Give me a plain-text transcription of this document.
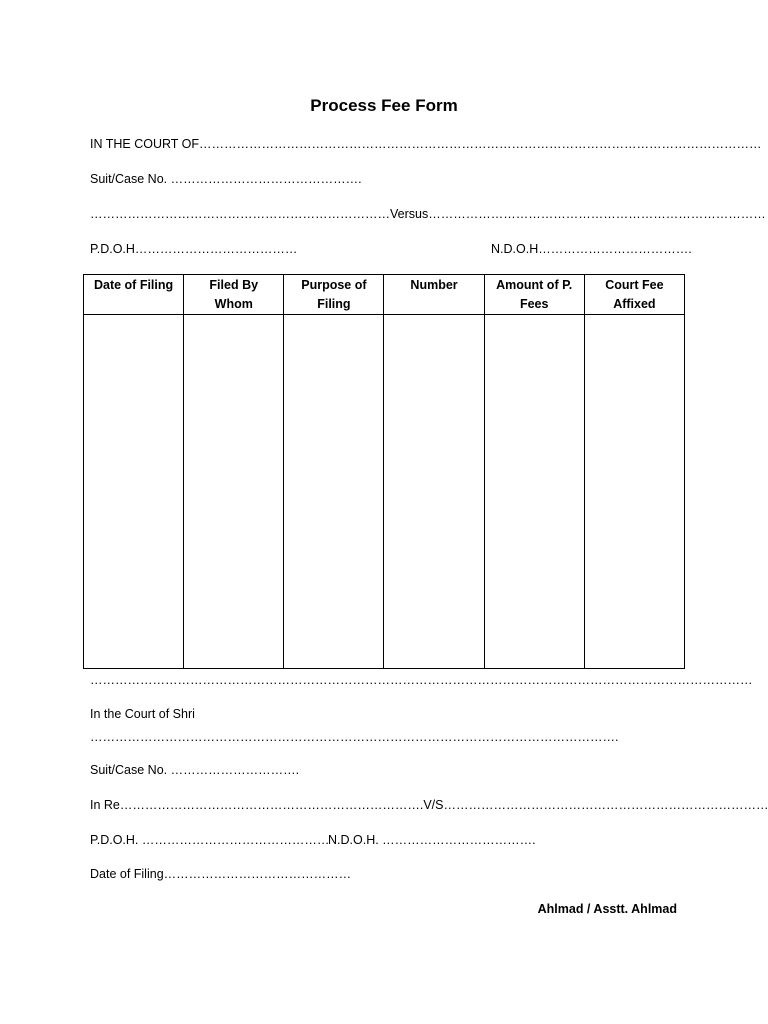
Process Fee Form
IN THE COURT OF………………………………………………………………………………………………………………………
Suit/Case No. ……………………………………….
………………………………………………………………Versus………………………………………………………………………
P.D.O.H…………………………………	N.D.O.H……………………………….
Date of Filing	Filed By Whom	Purpose of Filing	Number	Amount of P. Fees	Court Fee Affixed

……………………………………………………………………………………………………………………………………………
In the Court of Shri
……………………………………………………………………………………………………………….
Suit/Case No. ………………………….
In Re……………………………………………………………….V/S……………………………………………………………………
P.D.O.H. ………………………………………
N.D.O.H. ……………………………….
Date of Filing………………………………………
Ahlmad / Asstt. Ahlmad
